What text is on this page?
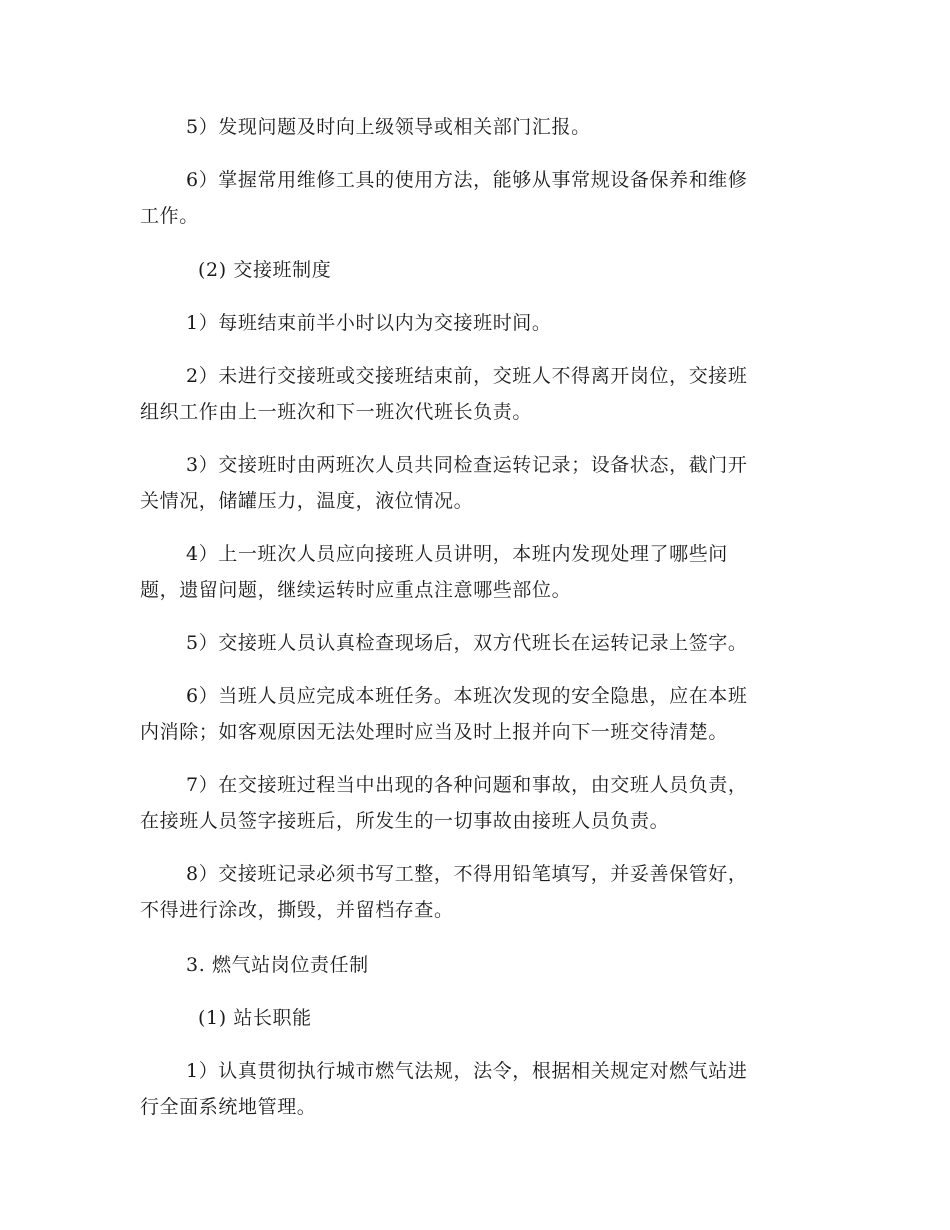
5）发现问题及时向上级领导或相关部门汇报。
6）掌握常用维修工具的使用方法，能够从事常规设备保养和维修
工作。
(2) 交接班制度
1）每班结束前半小时以内为交接班时间。
2）未进行交接班或交接班结束前，交班人不得离开岗位，交接班
组织工作由上一班次和下一班次代班长负责。
3）交接班时由两班次人员共同检查运转记录；设备状态，截门开
关情况，储罐压力，温度，液位情况。
4）上一班次人员应向接班人员讲明，本班内发现处理了哪些问
题，遗留问题，继续运转时应重点注意哪些部位。
5）交接班人员认真检查现场后，双方代班长在运转记录上签字。
6）当班人员应完成本班任务。本班次发现的安全隐患，应在本班
内消除；如客观原因无法处理时应当及时上报并向下一班交待清楚。
7）在交接班过程当中出现的各种问题和事故，由交班人员负责，
在接班人员签字接班后，所发生的一切事故由接班人员负责。
8）交接班记录必须书写工整，不得用铅笔填写，并妥善保管好，
不得进行涂改，撕毁，并留档存查。
3. 燃气站岗位责任制
(1) 站长职能
1）认真贯彻执行城市燃气法规，法令，根据相关规定对燃气站进
行全面系统地管理。
